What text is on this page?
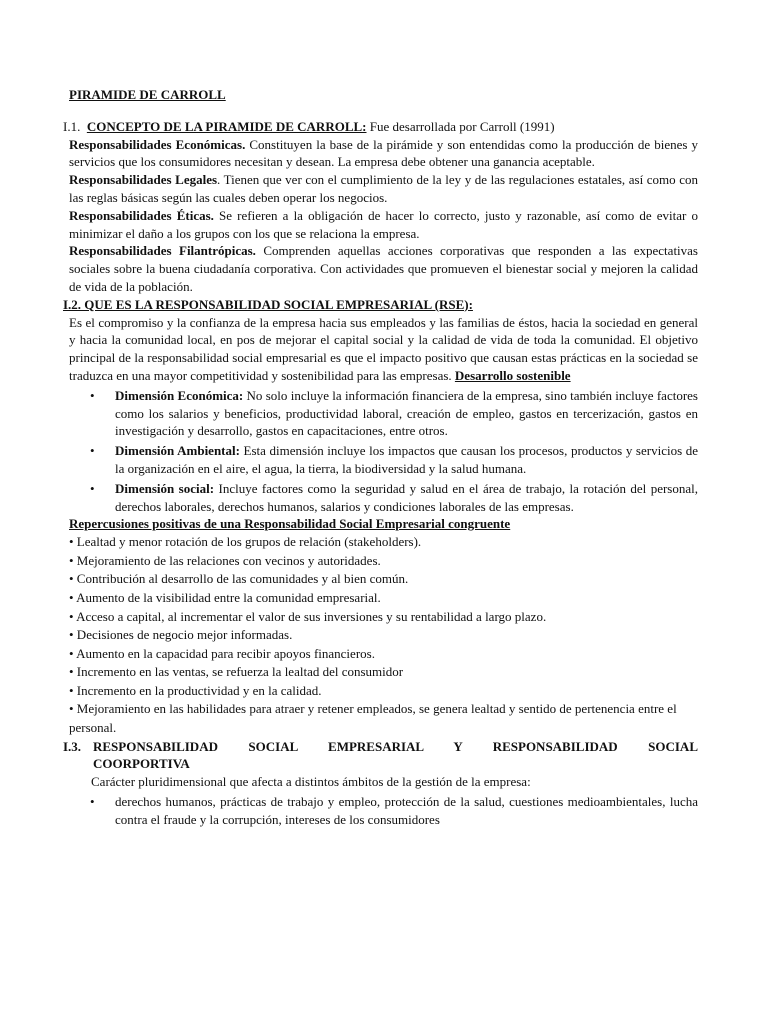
PIRAMIDE DE CARROLL

I.1. CONCEPTO DE LA PIRAMIDE DE CARROLL: Fue desarrollada por Carroll (1991)

Responsabilidades Económicas. Constituyen la base de la pirámide y son entendidas como la producción de bienes y servicios que los consumidores necesitan y desean. La empresa debe obtener una ganancia aceptable.

Responsabilidades Legales. Tienen que ver con el cumplimiento de la ley y de las regulaciones estatales, así como con las reglas básicas según las cuales deben operar los negocios.

Responsabilidades Éticas. Se refieren a la obligación de hacer lo correcto, justo y razonable, así como de evitar o minimizar el daño a los grupos con los que se relaciona la empresa.

Responsabilidades Filantrópicas. Comprenden aquellas acciones corporativas que responden a las expectativas sociales sobre la buena ciudadanía corporativa. Con actividades que promueven el bienestar social y mejoren la calidad de vida de la población.

I.2. QUE ES LA RESPONSABILIDAD SOCIAL EMPRESARIAL (RSE):

Es el compromiso y la confianza de la empresa hacia sus empleados y las familias de éstos, hacia la sociedad en general y hacia la comunidad local, en pos de mejorar el capital social y la calidad de vida de toda la comunidad. El objetivo principal de la responsabilidad social empresarial es que el impacto positivo que causan estas prácticas en la sociedad se traduzca en una mayor competitividad y sostenibilidad para las empresas. Desarrollo sostenible

• Dimensión Económica: No solo incluye la información financiera de la empresa, sino también incluye factores como los salarios y beneficios, productividad laboral, creación de empleo, gastos en tercerización, gastos en investigación y desarrollo, gastos en capacitaciones, entre otros.
• Dimensión Ambiental: Esta dimensión incluye los impactos que causan los procesos, productos y servicios de la organización en el aire, el agua, la tierra, la biodiversidad y la salud humana.
• Dimensión social: Incluye factores como la seguridad y salud en el área de trabajo, la rotación del personal, derechos laborales, derechos humanos, salarios y condiciones laborales de las empresas.

Repercusiones positivas de una Responsabilidad Social Empresarial congruente

• Lealtad y menor rotación de los grupos de relación (stakeholders).

• Mejoramiento de las relaciones con vecinos y autoridades.

• Contribución al desarrollo de las comunidades y al bien común.

• Aumento de la visibilidad entre la comunidad empresarial.

• Acceso a capital, al incrementar el valor de sus inversiones y su rentabilidad a largo plazo.

• Decisiones de negocio mejor informadas.

• Aumento en la capacidad para recibir apoyos financieros.

• Incremento en las ventas, se refuerza la lealtad del consumidor

• Incremento en la productividad y en la calidad.

• Mejoramiento en las habilidades para atraer y retener empleados, se genera lealtad y sentido de pertenencia entre el personal.

I.3. RESPONSABILIDAD SOCIAL EMPRESARIAL Y RESPONSABILIDAD SOCIAL
COORPORTIVA

Carácter pluridimensional que afecta a distintos ámbitos de la gestión de la empresa:

• derechos humanos, prácticas de trabajo y empleo, protección de la salud, cuestiones medioambientales, lucha contra el fraude y la corrupción, intereses de los consumidores
